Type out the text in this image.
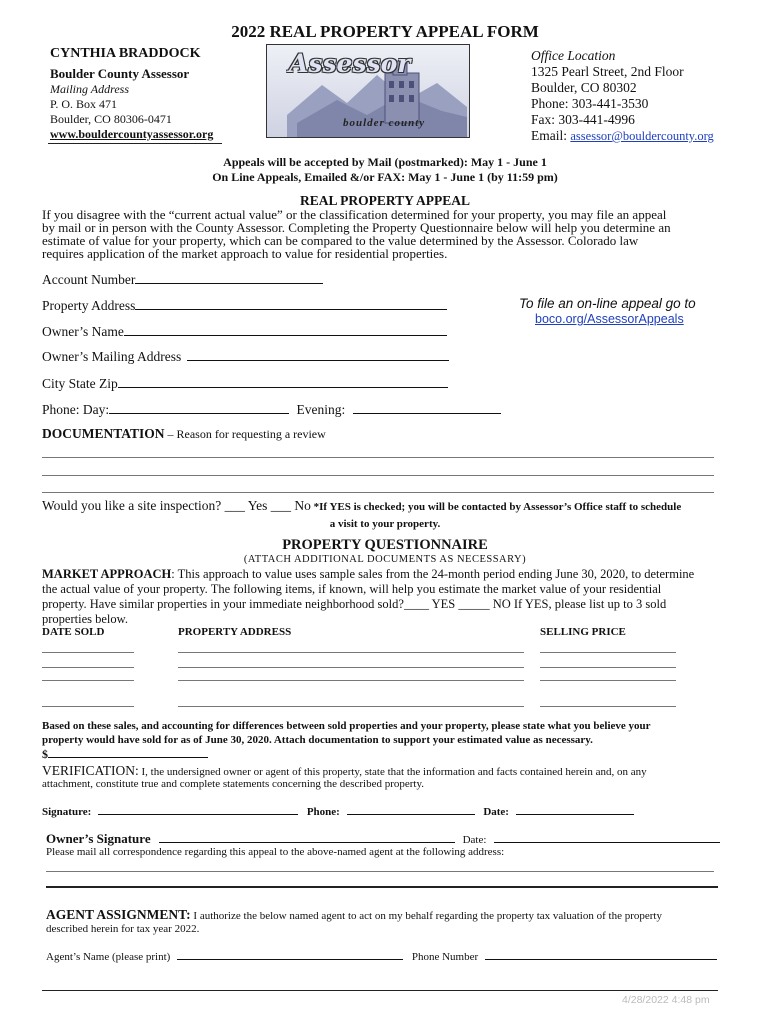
2022 REAL PROPERTY APPEAL FORM
CYNTHIA BRADDOCK
Boulder County Assessor
Mailing Address
P. O. Box 471
Boulder, CO 80306-0471
www.bouldercountyassessor.org
Assessor
boulder county
Office Location
1325 Pearl Street, 2nd Floor
Boulder, CO 80302
Phone: 303-441-3530
Fax: 303-441-4996
Email: assessor@bouldercounty.org
Appeals will be accepted by Mail (postmarked): May 1 - June 1
On Line Appeals, Emailed &/or FAX: May 1 - June 1 (by 11:59 pm)
REAL PROPERTY APPEAL
If you disagree with the “current actual value” or the classification determined for your property, you may file an appeal
by mail or in person with the County Assessor. Completing the Property Questionnaire below will help you determine an
estimate of value for your property, which can be compared to the value determined by the Assessor. Colorado law
requires application of the market approach to value for residential properties.
Account Number
Property Address
Owner’s Name
Owner’s Mailing Address
City State Zip
Phone: Day:	Evening:
To file an on-line appeal go to
boco.org/AssessorAppeals
DOCUMENTATION – Reason for requesting a review
Would you like a site inspection? ___ Yes ___ No *If YES is checked; you will be contacted by Assessor’s Office staff to schedule
a visit to your property.
PROPERTY QUESTIONNAIRE
(ATTACH ADDITIONAL DOCUMENTS AS NECESSARY)
MARKET APPROACH: This approach to value uses sample sales from the 24-month period ending June 30, 2020, to determine
the actual value of your property. The following items, if known, will help you estimate the market value of your residential
property. Have similar properties in your immediate neighborhood sold?____ YES _____ NO If YES, please list up to 3 sold
properties below.
DATE SOLD	PROPERTY ADDRESS	SELLING PRICE
Based on these sales, and accounting for differences between sold properties and your property, please state what you believe your
property would have sold for as of June 30, 2020. Attach documentation to support your estimated value as necessary.
$
VERIFICATION: I, the undersigned owner or agent of this property, state that the information and facts contained herein and, on any
attachment, constitute true and complete statements concerning the described property.
Signature:	Phone:	Date:
Owner’s Signature	Date:
Please mail all correspondence regarding this appeal to the above-named agent at the following address:
AGENT ASSIGNMENT: I authorize the below named agent to act on my behalf regarding the property tax valuation of the property
described herein for tax year 2022.
Agent’s Name (please print)	Phone Number
4/28/2022 4:48 pm
